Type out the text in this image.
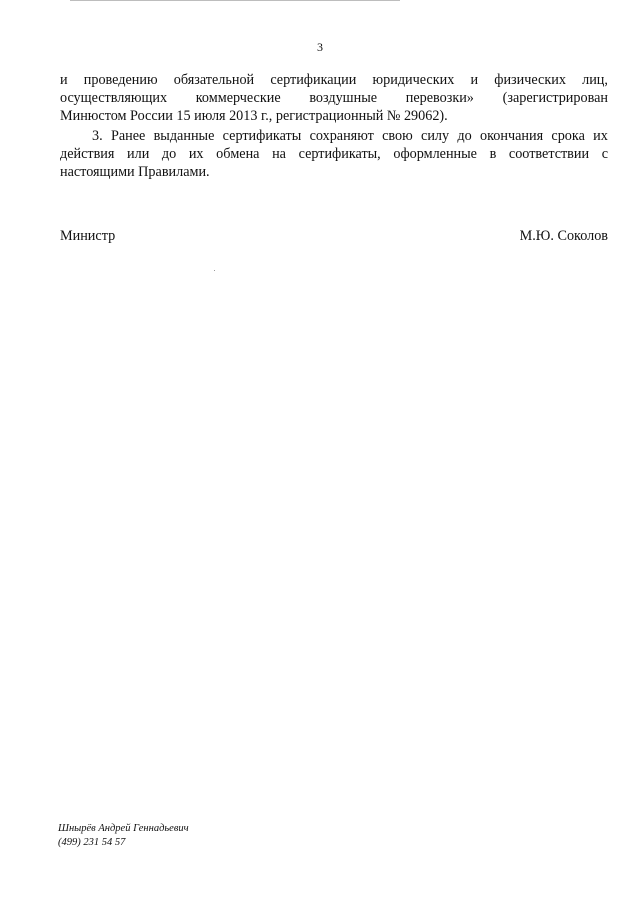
3
и проведению обязательной сертификации юридических и физических лиц,
осуществляющих коммерческие воздушные перевозки» (зарегистрирован
Минюстом России 15 июля 2013 г., регистрационный № 29062).
3. Ранее выданные сертификаты сохраняют свою силу до окончания срока их
действия или до их обмена на сертификаты, оформленные в соответствии с
настоящими Правилами.
Министр	М.Ю. Соколов
Шнырёв Андрей Геннадьевич
(499) 231 54 57
